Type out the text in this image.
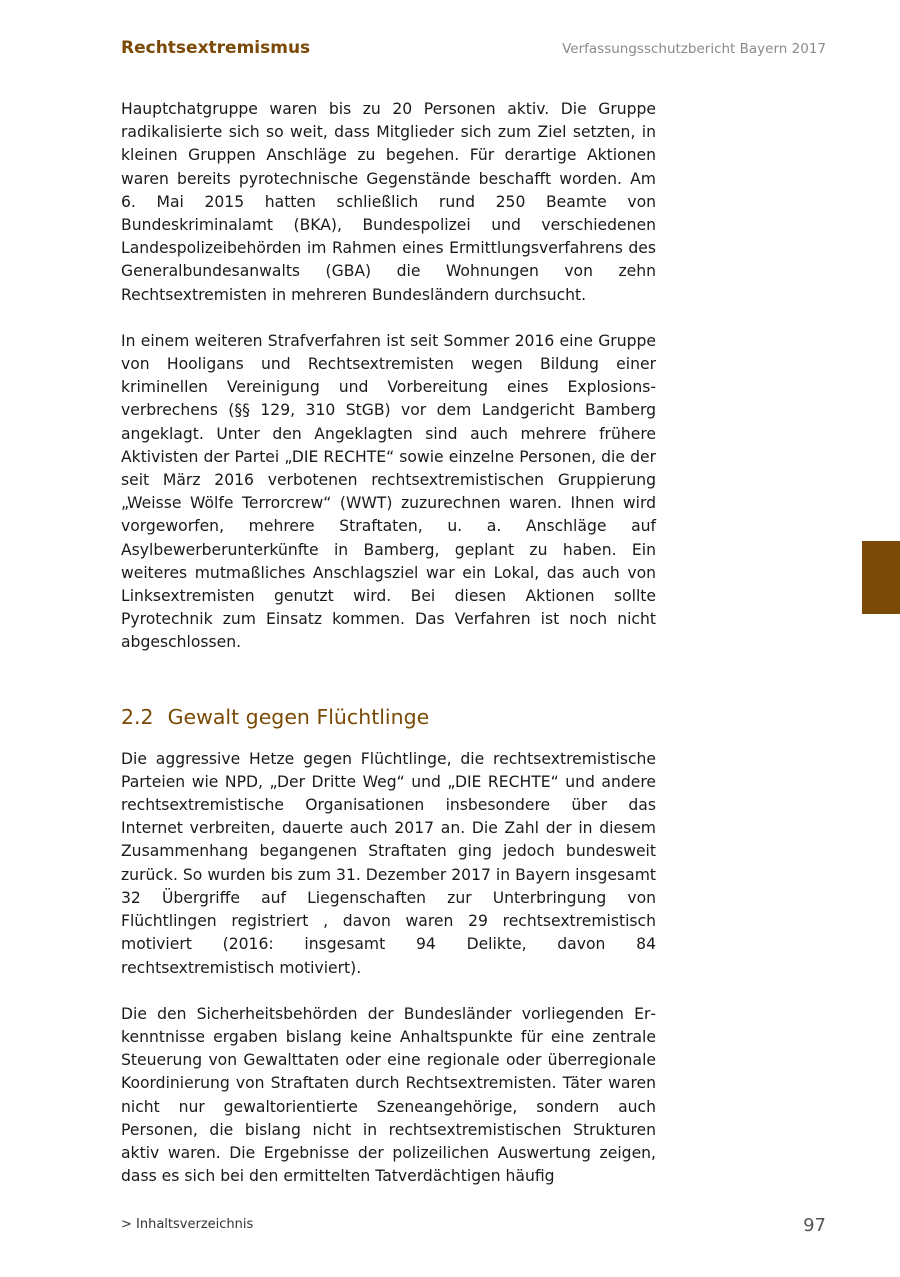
Rechtsextremismus	Verfassungsschutzbericht Bayern 2017

Hauptchatgruppe waren bis zu 20 Personen aktiv. Die Gruppe radikalisierte sich so weit, dass Mitglieder sich zum Ziel setzten, in kleinen Gruppen Anschläge zu begehen. Für derartige Aktionen waren bereits pyrotechnische Gegenstände beschafft worden. Am 6. Mai 2015 hatten schließlich rund 250 Beamte von Bundeskriminalamt (BKA), Bundespolizei und verschiedenen Landespolizeibehörden im Rahmen eines Ermittlungsverfahrens des Generalbundesanwalts (GBA) die Wohnungen von zehn Rechtsextremisten in mehreren Bundesländern durchsucht.

In einem weiteren Strafverfahren ist seit Sommer 2016 eine Gruppe von Hooligans und Rechtsextremisten wegen Bildung einer kriminellen Vereinigung und Vorbereitung eines Explosionsverbrechens (§§ 129, 310 StGB) vor dem Landgericht Bamberg angeklagt. Unter den Angeklagten sind auch mehrere frühere Aktivisten der Partei „DIE RECHTE“ sowie einzelne Personen, die der seit März 2016 verbotenen rechtsextremistischen Gruppierung „Weisse Wölfe Terrorcrew“ (WWT) zuzurechnen waren. Ihnen wird vorgeworfen, mehrere Straftaten, u. a. Anschläge auf Asylbewerberunterkünfte in Bamberg, geplant zu haben. Ein weiteres mutmaßliches Anschlagsziel war ein Lokal, das auch von Linksextremisten genutzt wird. Bei diesen Aktionen sollte Pyrotechnik zum Einsatz kommen. Das Verfahren ist noch nicht abgeschlossen.

2.2 Gewalt gegen Flüchtlinge

Die aggressive Hetze gegen Flüchtlinge, die rechtsextremistische Parteien wie NPD, „Der Dritte Weg“ und „DIE RECHTE“ und andere rechtsextremistische Organisationen insbesondere über das Internet verbreiten, dauerte auch 2017 an. Die Zahl der in diesem Zusammenhang begangenen Straftaten ging jedoch bundesweit zurück. So wurden bis zum 31. Dezember 2017 in Bayern insgesamt 32 Übergriffe auf Liegenschaften zur Unterbringung von Flüchtlingen registriert , davon waren 29 rechtsextremistisch motiviert (2016: insgesamt 94 Delikte, davon 84 rechtsextremistisch motiviert).

Die den Sicherheitsbehörden der Bundesländer vorliegenden Erkenntnisse ergaben bislang keine Anhaltspunkte für eine zentrale Steuerung von Gewalttaten oder eine regionale oder überregionale Koordinierung von Straftaten durch Rechtsextremisten. Täter waren nicht nur gewaltorientierte Szeneangehörige, sondern auch Personen, die bislang nicht in rechtsextremistischen Strukturen aktiv waren. Die Ergebnisse der polizeilichen Auswertung zeigen, dass es sich bei den ermittelten Tatverdächtigen häufig

> Inhaltsverzeichnis	97
